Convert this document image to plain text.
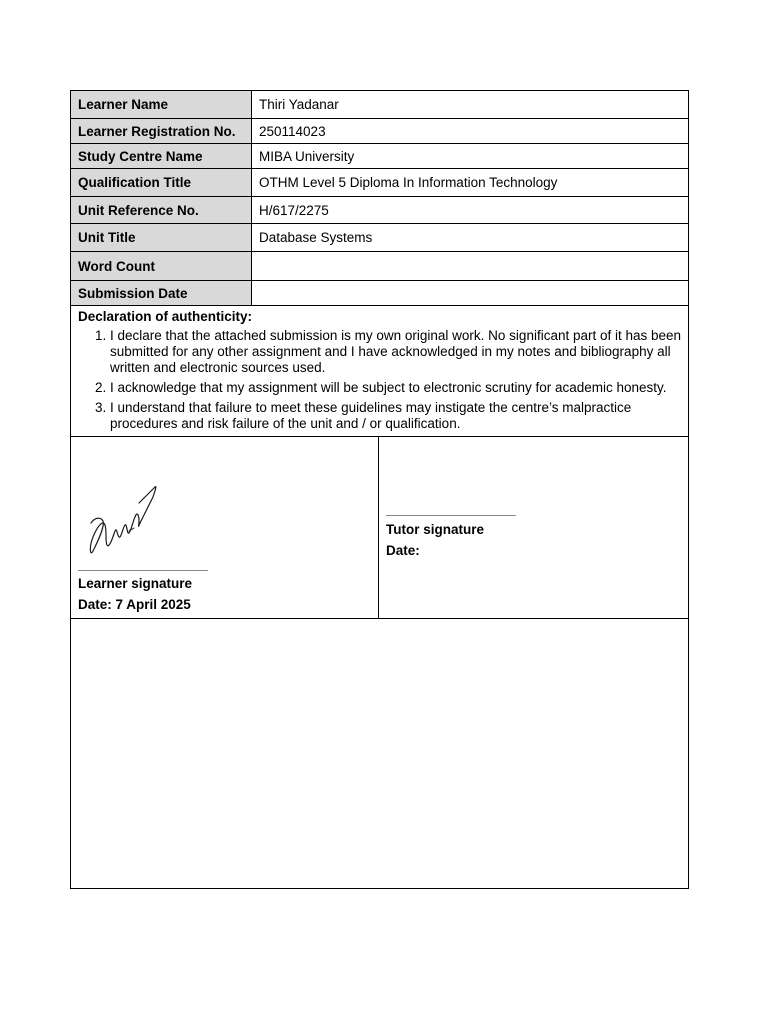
Learner Name	Thiri Yadanar
Learner Registration No.	250114023
Study Centre Name	MIBA University
Qualification Title	OTHM Level 5 Diploma In Information Technology
Unit Reference No.	H/617/2275
Unit Title	Database Systems
Word Count	
Submission Date	
Declaration of authenticity:
1. I declare that the attached submission is my own original work. No significant part of it has been submitted for any other assignment and I have acknowledged in my notes and bibliography all written and electronic sources used.
2. I acknowledge that my assignment will be subject to electronic scrutiny for academic honesty.
3. I understand that failure to meet these guidelines may instigate the centre’s malpractice procedures and risk failure of the unit and / or qualification.
Learner signature
Date: 7 April 2025
Tutor signature
Date:
